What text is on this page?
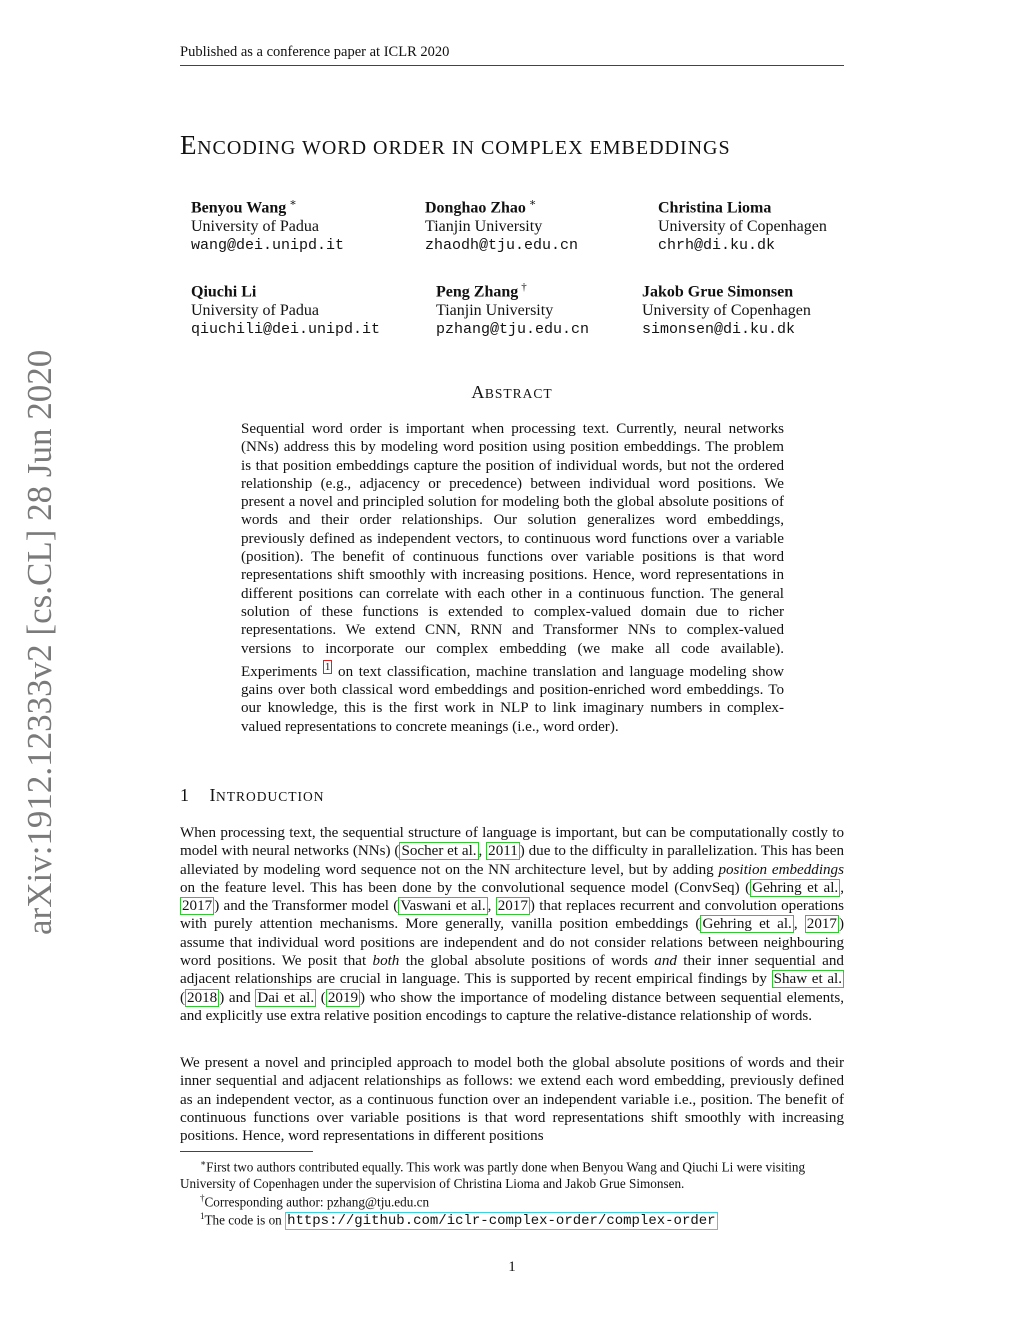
Published as a conference paper at ICLR 2020
arXiv:1912.12333v2 [cs.CL] 28 Jun 2020
ENCODING WORD ORDER IN COMPLEX EMBEDDINGS
Benyou Wang ∗
University of Padua
wang@dei.unipd.it
Donghao Zhao ∗
Tianjin University
zhaodh@tju.edu.cn
Christina Lioma
University of Copenhagen
chrh@di.ku.dk
Qiuchi Li
University of Padua
qiuchili@dei.unipd.it
Peng Zhang †
Tianjin University
pzhang@tju.edu.cn
Jakob Grue Simonsen
University of Copenhagen
simonsen@di.ku.dk
ABSTRACT
Sequential word order is important when processing text. Currently, neural networks (NNs) address this by modeling word position using position embeddings. The problem is that position embeddings capture the position of individual words, but not the ordered relationship (e.g., adjacency or precedence) between individual word positions. We present a novel and principled solution for modeling both the global absolute positions of words and their order relationships. Our solution generalizes word embeddings, previously defined as independent vectors, to continuous word functions over a variable (position). The benefit of continuous functions over variable positions is that word representations shift smoothly with increasing positions. Hence, word representations in different positions can correlate with each other in a continuous function. The general solution of these functions is extended to complex-valued domain due to richer representations. We extend CNN, RNN and Transformer NNs to complex-valued versions to incorporate our complex embedding (we make all code available). Experiments $^1$ on text classification, machine translation and language modeling show gains over both classical word embeddings and position-enriched word embeddings. To our knowledge, this is the first work in NLP to link imaginary numbers in complex-valued representations to concrete meanings (i.e., word order).
1 INTRODUCTION
When processing text, the sequential structure of language is important, but can be computationally costly to model with neural networks (NNs) ( Socher et al. , 2011 ) due to the difficulty in parallelization. This has been alleviated by modeling word sequence not on the NN architecture level, but by adding position embeddings on the feature level. This has been done by the convolutional sequence model (ConvSeq) ( Gehring et al. , 2017 ) and the Transformer model ( Vaswani et al. , 2017 ) that replaces recurrent and convolution operations with purely attention mechanisms. More generally, vanilla position embeddings ( Gehring et al. , 2017 ) assume that individual word positions are independent and do not consider relations between neighbouring word positions. We posit that both the global absolute positions of words and their inner sequential and adjacent relationships are crucial in language. This is supported by recent empirical findings by Shaw et al. ( 2018 ) and Dai et al. ( 2019 ) who show the importance of modeling distance between sequential elements, and explicitly use extra relative position encodings to capture the relative-distance relationship of words.
We present a novel and principled approach to model both the global absolute positions of words and their inner sequential and adjacent relationships as follows: we extend each word embedding, previously defined as an independent vector, as a continuous function over an independent variable i.e., position. The benefit of continuous functions over variable positions is that word representations shift smoothly with increasing positions. Hence, word representations in different positions
∗First two authors contributed equally. This work was partly done when Benyou Wang and Qiuchi Li were visiting University of Copenhagen under the supervision of Christina Lioma and Jakob Grue Simonsen.
†Corresponding author: pzhang@tju.edu.cn
$^1$The code is on https://github.com/iclr-complex-order/complex-order
1
